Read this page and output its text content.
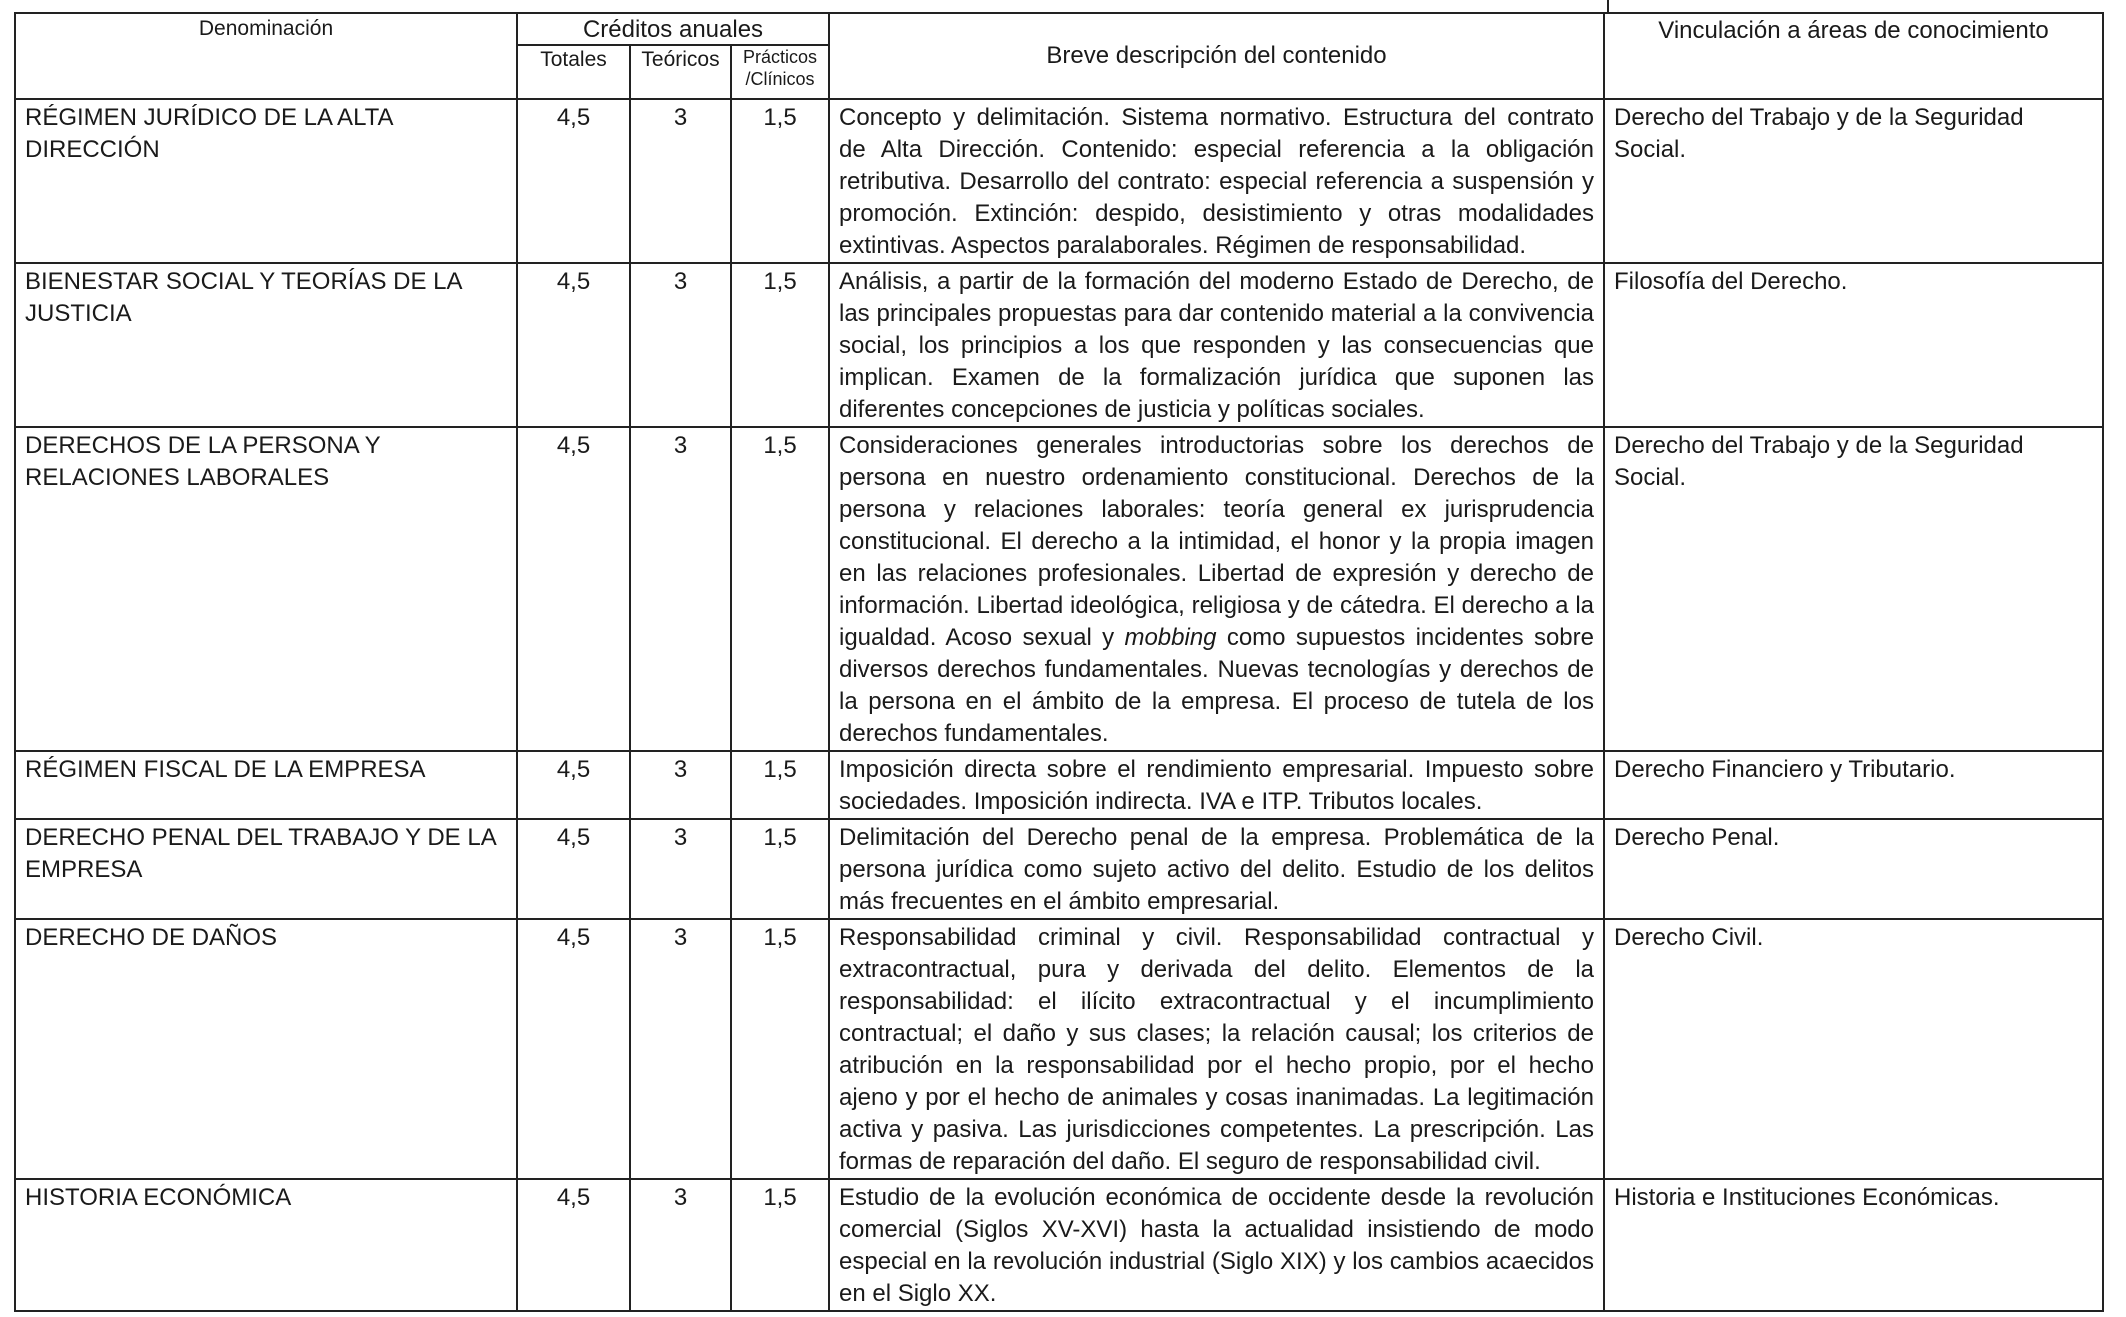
Denominación	Créditos anuales			Breve descripción del contenido	Vinculación a áreas de conocimiento
	Totales	Teóricos	Prácticos /Clínicos		
RÉGIMEN JURÍDICO DE LA ALTA DIRECCIÓN	4,5	3	1,5	Concepto y delimitación. Sistema normativo. Estructura del contrato de Alta Dirección. Contenido: especial referencia a la obligación retributiva. Desarrollo del contrato: especial referencia a suspensión y promoción. Extinción: despido, desistimiento y otras modalidades extintivas. Aspectos paralaborales. Régimen de responsabilidad.	Derecho del Trabajo y de la Seguridad Social.
BIENESTAR SOCIAL Y TEORÍAS DE LA JUSTICIA	4,5	3	1,5	Análisis, a partir de la formación del moderno Estado de Derecho, de las principales propuestas para dar contenido material a la convivencia social, los principios a los que responden y las consecuencias que implican. Examen de la formalización jurídica que suponen las diferentes concepciones de justicia y políticas sociales.	Filosofía del Derecho.
DERECHOS DE LA PERSONA Y RELACIONES LABORALES	4,5	3	1,5	Consideraciones generales introductorias sobre los derechos de persona en nuestro ordenamiento constitucional. Derechos de la persona y relaciones laborales: teoría general ex jurisprudencia constitucional. El derecho a la intimidad, el honor y la propia imagen en las relaciones profesionales. Libertad de expresión y derecho de información. Libertad ideológica, religiosa y de cátedra. El derecho a la igualdad. Acoso sexual y mobbing como supuestos incidentes sobre diversos derechos fundamentales. Nuevas tecnologías y derechos de la persona en el ámbito de la empresa. El proceso de tutela de los derechos fundamentales.	Derecho del Trabajo y de la Seguridad Social.
RÉGIMEN FISCAL DE LA EMPRESA	4,5	3	1,5	Imposición directa sobre el rendimiento empresarial. Impuesto sobre sociedades. Imposición indirecta. IVA e ITP. Tributos locales.	Derecho Financiero y Tributario.
DERECHO PENAL DEL TRABAJO Y DE LA EMPRESA	4,5	3	1,5	Delimitación del Derecho penal de la empresa. Problemática de la persona jurídica como sujeto activo del delito. Estudio de los delitos más frecuentes en el ámbito empresarial.	Derecho Penal.
DERECHO DE DAÑOS	4,5	3	1,5	Responsabilidad criminal y civil. Responsabilidad contractual y extracontractual, pura y derivada del delito. Elementos de la responsabilidad: el ilícito extracontractual y el incumplimiento contractual; el daño y sus clases; la relación causal; los criterios de atribución en la responsabilidad por el hecho propio, por el hecho ajeno y por el hecho de animales y cosas inanimadas. La legitimación activa y pasiva. Las jurisdicciones competentes. La prescripción. Las formas de reparación del daño. El seguro de responsabilidad civil.	Derecho Civil.
HISTORIA ECONÓMICA	4,5	3	1,5	Estudio de la evolución económica de occidente desde la revolución comercial (Siglos XV-XVI) hasta la actualidad insistiendo de modo especial en la revolución industrial (Siglo XIX) y los cambios acaecidos en el Siglo XX.	Historia e Instituciones Económicas.
